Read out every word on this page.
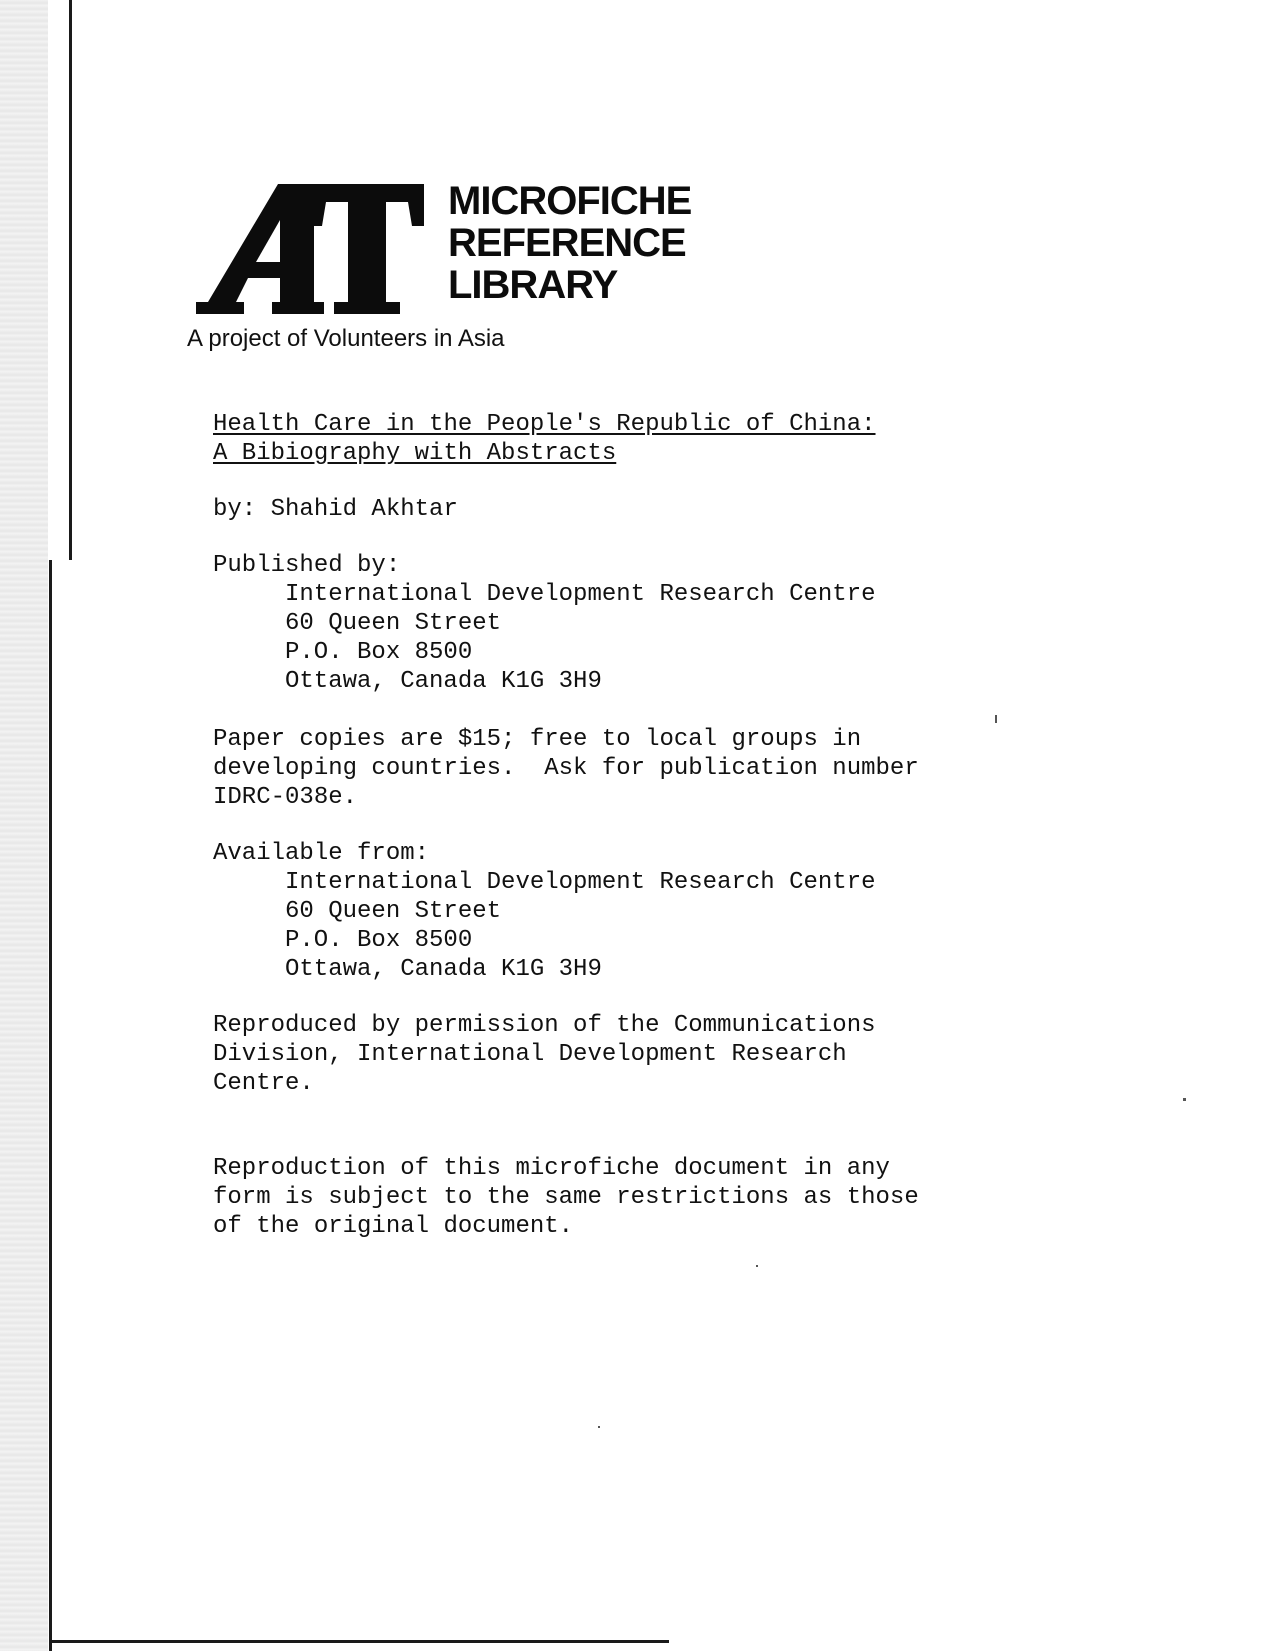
MICROFICHE
REFERENCE
LIBRARY
A project of Volunteers in Asia
Health Care in the People's Republic of China:
A Bibiography with Abstracts
by: Shahid Akhtar
Published by:
International Development Research Centre
60 Queen Street
P.O. Box 8500
Ottawa, Canada K1G 3H9
Paper copies are $15; free to local groups in
developing countries.  Ask for publication number
IDRC-038e.
Available from:
International Development Research Centre
60 Queen Street
P.O. Box 8500
Ottawa, Canada K1G 3H9
Reproduced by permission of the Communications
Division, International Development Research
Centre.
Reproduction of this microfiche document in any
form is subject to the same restrictions as those
of the original document.
